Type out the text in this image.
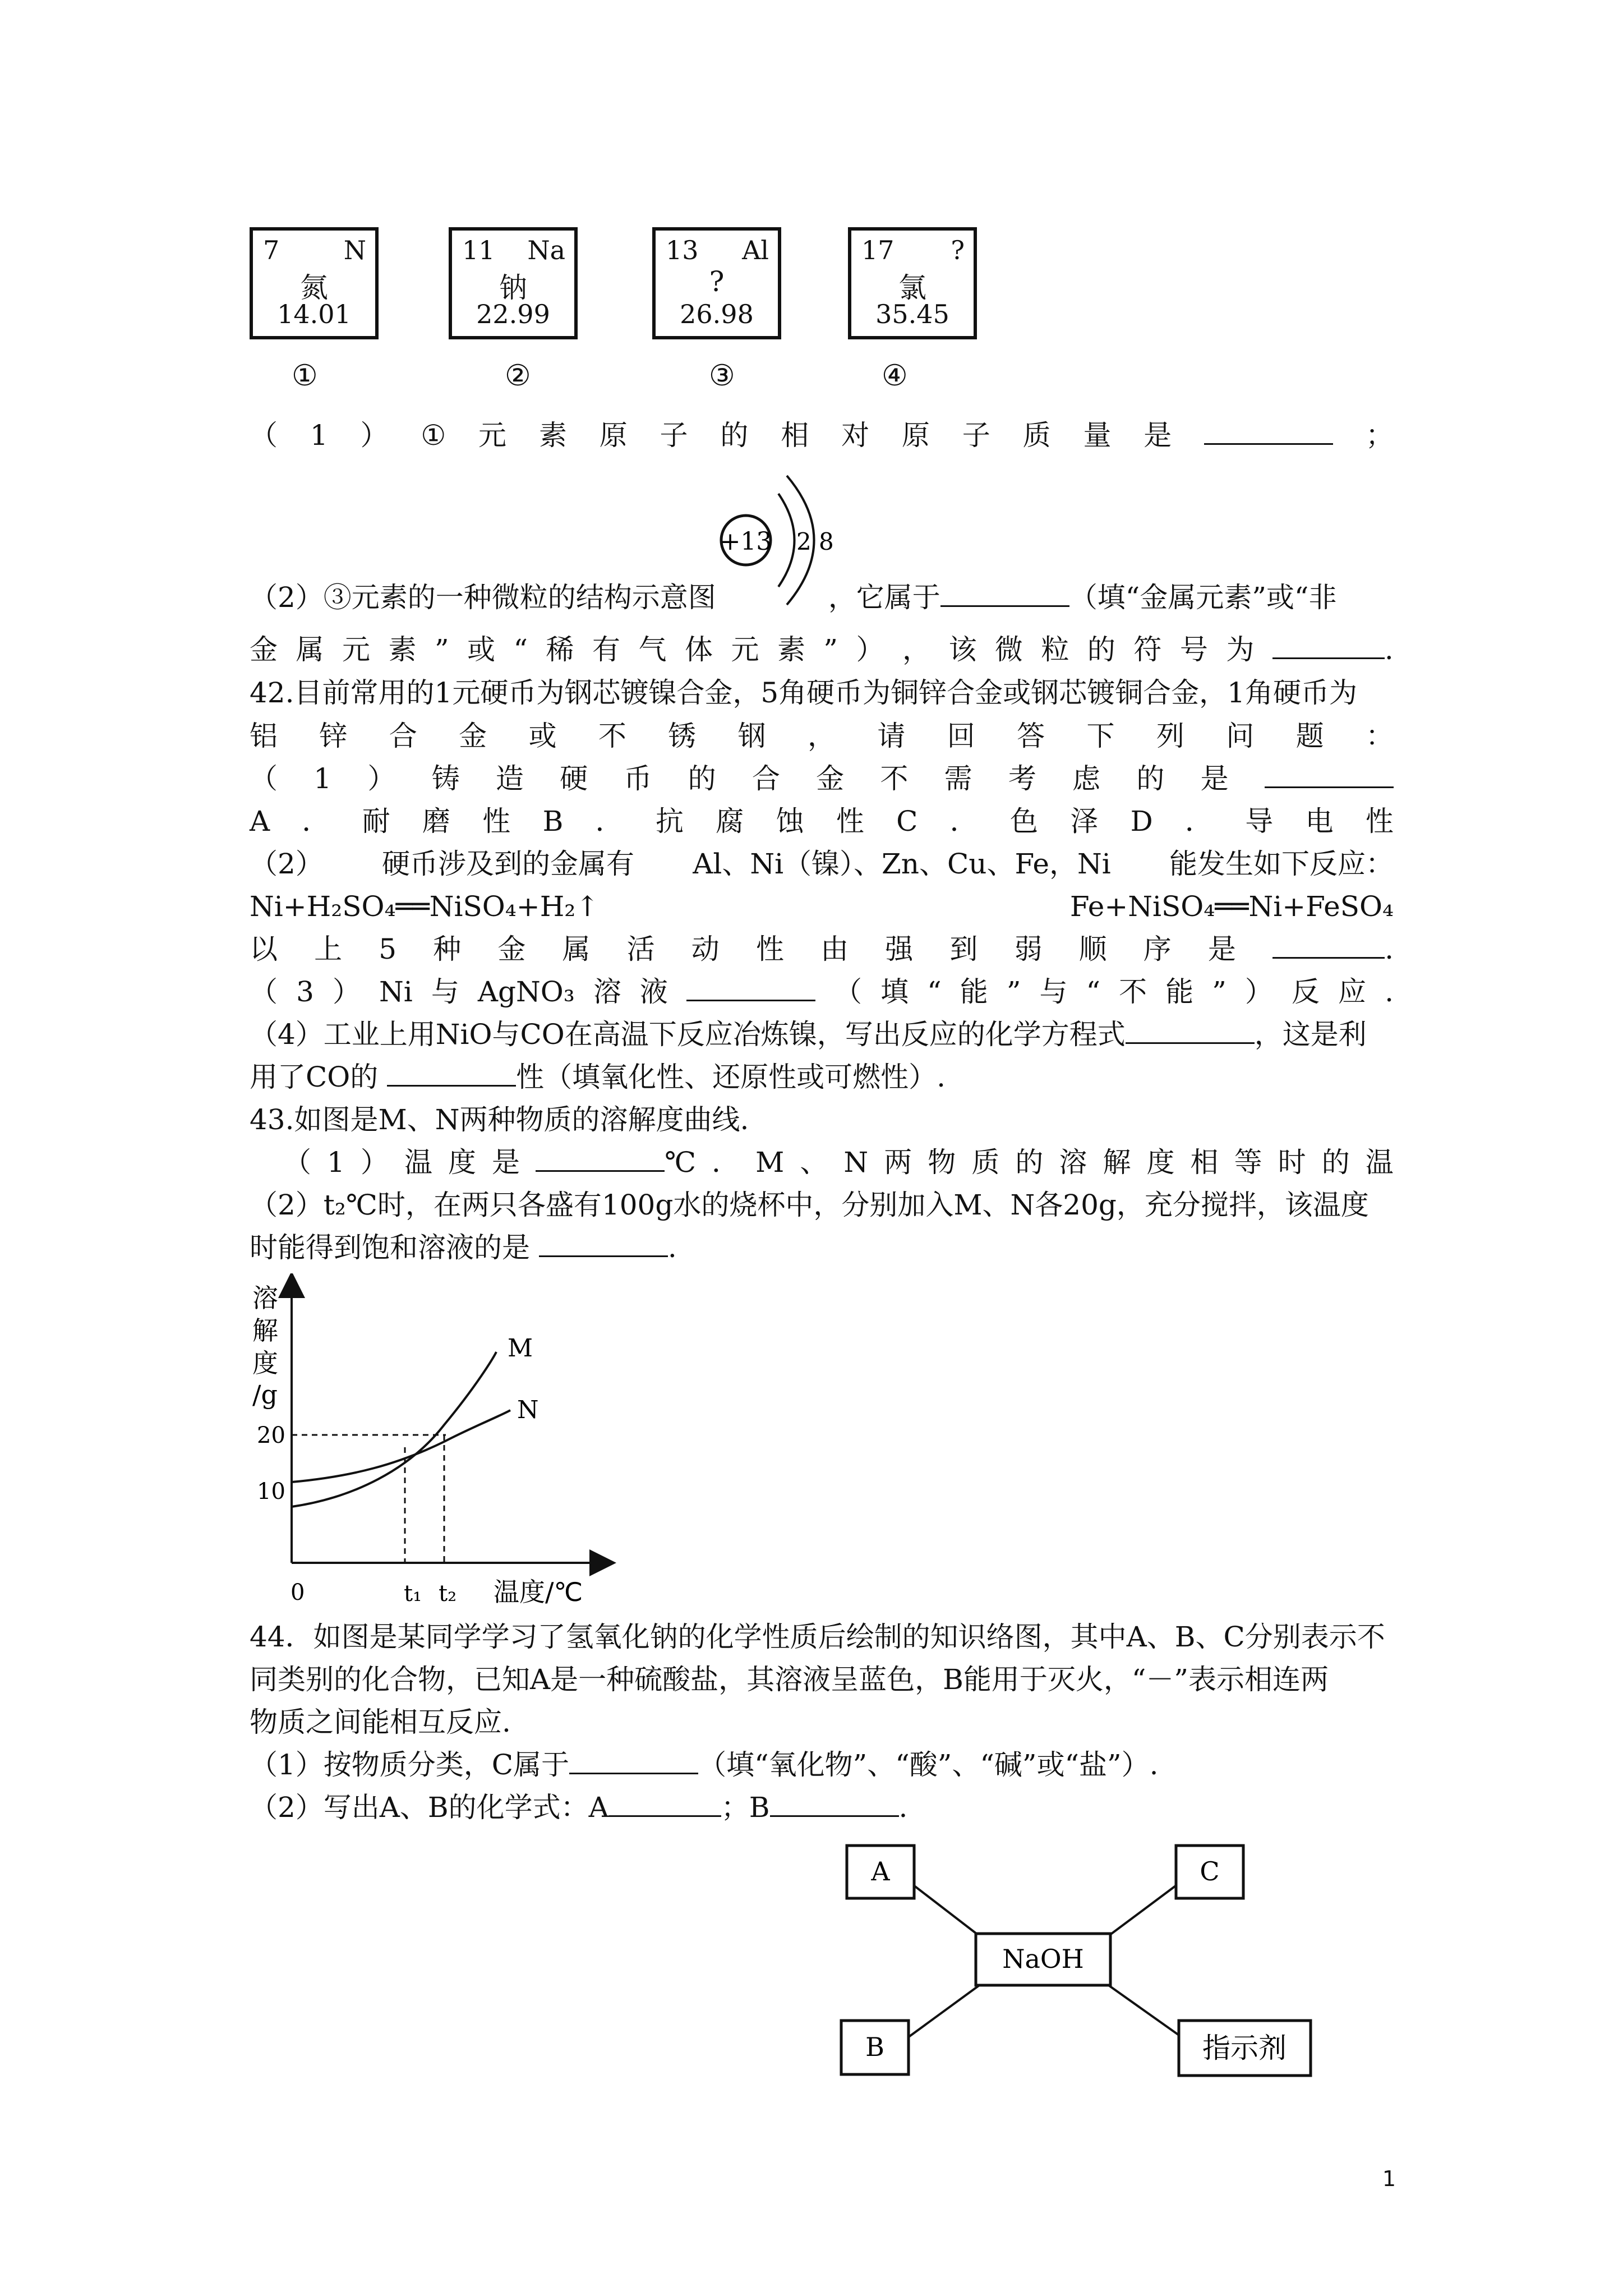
7 N
氮
14.01
11 Na
钠
22.99
13 Al
?
26.98
17 ?
氯
35.45
①	②	③	④
（ 1 ） ① 元 素 原 子 的 相 对 原 子 质 量 是	；
+13 2 8
（2）③元素的一种微粒的结构示意图	，它属于	（填“金属元素”或“非
金 属 元 素 ” 或 “ 稀 有 气 体 元 素 ” ） ， 该 微 粒 的 符 号 为	.
42.目前常用的1元硬币为钢芯镀镍合金，5角硬币为铜锌合金或钢芯镀铜合金，1角硬币为
铝 锌 合 金 或 不 锈 钢 ， 请 回 答 下 列 问 题 ：
（ 1 ） 铸 造 硬 币 的 合 金 不 需 考 虑 的 是
A ． 耐 磨 性 B ． 抗 腐 蚀 性 C ． 色 泽 D ． 导 电 性
（2） 硬币涉及到的金属有 Al、Ni（镍）、Zn、Cu、Fe，Ni 能发生如下反应：
Ni+H₂SO₄══NiSO₄+H₂↑	Fe+NiSO₄══Ni+FeSO₄
以 上 5 种 金 属 活 动 性 由 强 到 弱 顺 序 是	.
（ 3 ） Ni 与 AgNO₃ 溶 液	（ 填 “ 能 ” 与 “ 不 能 ” ） 反 应 .
（4）工业上用NiO与CO在高温下反应冶炼镍，写出反应的化学方程式	，这是利
用了CO的	性（填氧化性、还原性或可燃性）.
43.如图是M、N两种物质的溶解度曲线.
（ 1 ） 温 度 是	℃ ． M 、 N 两 物 质 的 溶 解 度 相 等 时 的 温
（2）t₂℃时，在两只各盛有100g水的烧杯中，分别加入M、N各20g，充分搅拌，该温度
时能得到饱和溶液的是	.
溶
解
度
/g
20
10
0	t₁ t₂ 温度/℃
M
N
44．如图是某同学学习了氢氧化钠的化学性质后绘制的知识络图，其中A、B、C分别表示不
同类别的化合物，已知A是一种硫酸盐，其溶液呈蓝色，B能用于灭火，“－”表示相连两
物质之间能相互反应.
（1）按物质分类，C属于	（填“氧化物”、“酸”、“碱”或“盐”）.
（2）写出A、B的化学式：A	；B	.
A	C
NaOH
B	指示剂
1
